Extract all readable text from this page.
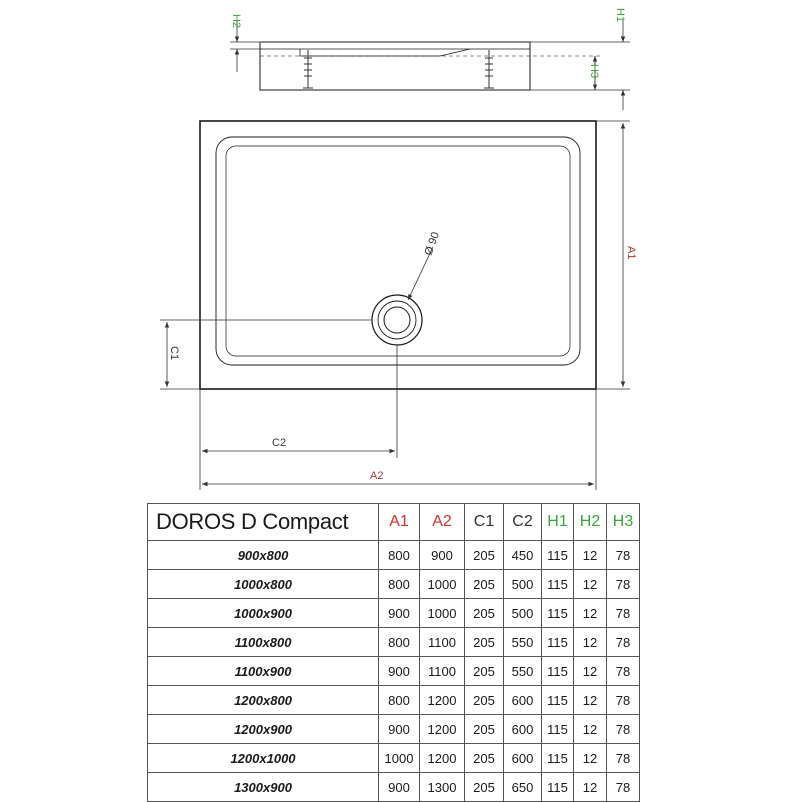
H2	H1
H3
Ø 90	A1
C1
C2
A2
DOROS D Compact	A1	A2	C1	C2	H1	H2	H3
900x800	800	900	205	450	115	12	78
1000x800	800	1000	205	500	115	12	78
1000x900	900	1000	205	500	115	12	78
1100x800	800	1100	205	550	115	12	78
1100x900	900	1100	205	550	115	12	78
1200x800	800	1200	205	600	115	12	78
1200x900	900	1200	205	600	115	12	78
1200x1000	1000	1200	205	600	115	12	78
1300x900	900	1300	205	650	115	12	78
